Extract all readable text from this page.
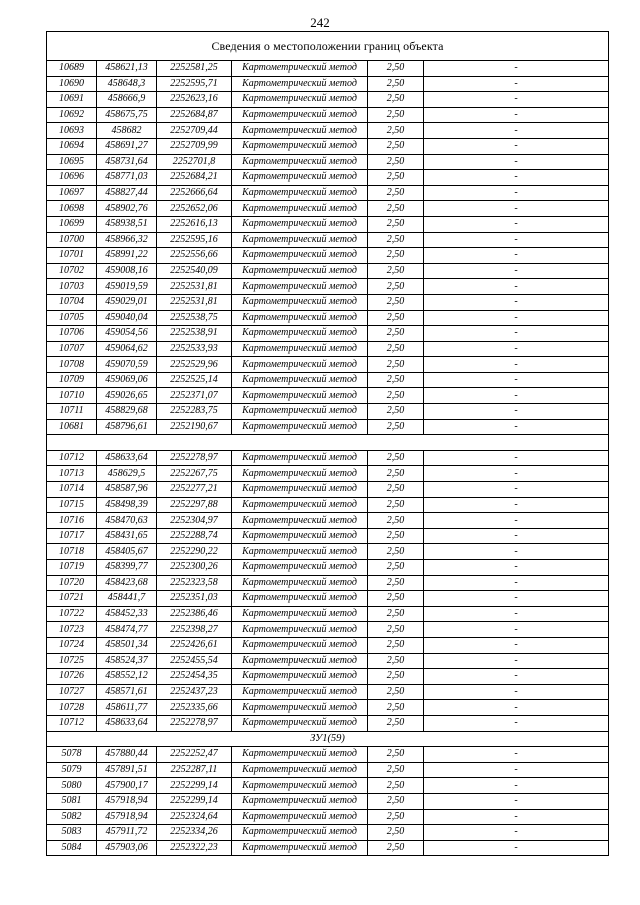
242
Сведения о местоположении границ объекта					
10689	458621,13	2252581,25	Картометрический метод	2,50	-
10690	458648,3	2252595,71	Картометрический метод	2,50	-
10691	458666,9	2252623,16	Картометрический метод	2,50	-
10692	458675,75	2252684,87	Картометрический метод	2,50	-
10693	458682	2252709,44	Картометрический метод	2,50	-
10694	458691,27	2252709,99	Картометрический метод	2,50	-
10695	458731,64	2252701,8	Картометрический метод	2,50	-
10696	458771,03	2252684,21	Картометрический метод	2,50	-
10697	458827,44	2252666,64	Картометрический метод	2,50	-
10698	458902,76	2252652,06	Картометрический метод	2,50	-
10699	458938,51	2252616,13	Картометрический метод	2,50	-
10700	458966,32	2252595,16	Картометрический метод	2,50	-
10701	458991,22	2252556,66	Картометрический метод	2,50	-
10702	459008,16	2252540,09	Картометрический метод	2,50	-
10703	459019,59	2252531,81	Картометрический метод	2,50	-
10704	459029,01	2252531,81	Картометрический метод	2,50	-
10705	459040,04	2252538,75	Картометрический метод	2,50	-
10706	459054,56	2252538,91	Картометрический метод	2,50	-
10707	459064,62	2252533,93	Картометрический метод	2,50	-
10708	459070,59	2252529,96	Картометрический метод	2,50	-
10709	459069,06	2252525,14	Картометрический метод	2,50	-
10710	459026,65	2252371,07	Картометрический метод	2,50	-
10711	458829,68	2252283,75	Картометрический метод	2,50	-
10681	458796,61	2252190,67	Картометрический метод	2,50	-

10712	458633,64	2252278,97	Картометрический метод	2,50	-
10713	458629,5	2252267,75	Картометрический метод	2,50	-
10714	458587,96	2252277,21	Картометрический метод	2,50	-
10715	458498,39	2252297,88	Картометрический метод	2,50	-
10716	458470,63	2252304,97	Картометрический метод	2,50	-
10717	458431,65	2252288,74	Картометрический метод	2,50	-
10718	458405,67	2252290,22	Картометрический метод	2,50	-
10719	458399,77	2252300,26	Картометрический метод	2,50	-
10720	458423,68	2252323,58	Картометрический метод	2,50	-
10721	458441,7	2252351,03	Картометрический метод	2,50	-
10722	458452,33	2252386,46	Картометрический метод	2,50	-
10723	458474,77	2252398,27	Картометрический метод	2,50	-
10724	458501,34	2252426,61	Картометрический метод	2,50	-
10725	458524,37	2252455,54	Картометрический метод	2,50	-
10726	458552,12	2252454,35	Картометрический метод	2,50	-
10727	458571,61	2252437,23	Картометрический метод	2,50	-
10728	458611,77	2252335,66	Картометрический метод	2,50	-
10712	458633,64	2252278,97	Картометрический метод	2,50	-
ЗУ1(59)					
5078	457880,44	2252252,47	Картометрический метод	2,50	-
5079	457891,51	2252287,11	Картометрический метод	2,50	-
5080	457900,17	2252299,14	Картометрический метод	2,50	-
5081	457918,94	2252299,14	Картометрический метод	2,50	-
5082	457918,94	2252324,64	Картометрический метод	2,50	-
5083	457911,72	2252334,26	Картометрический метод	2,50	-
5084	457903,06	2252322,23	Картометрический метод	2,50	-
